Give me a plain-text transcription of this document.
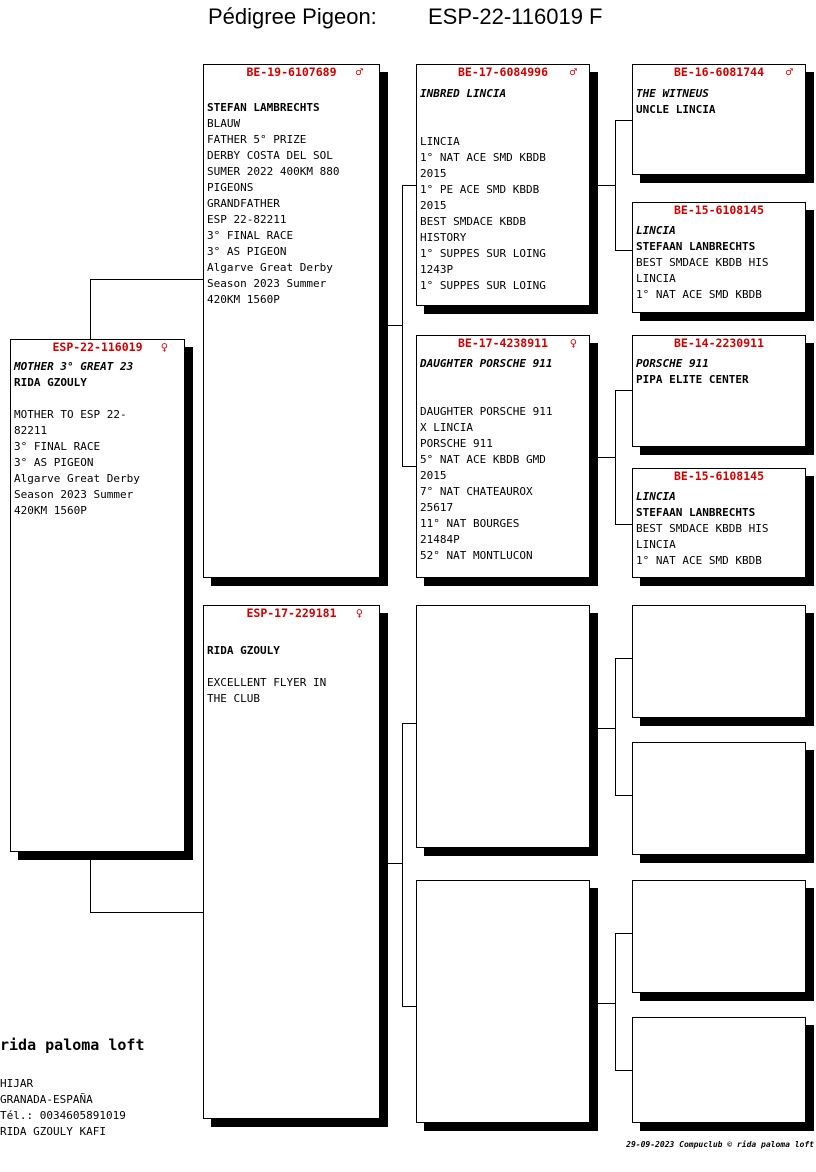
Pédigree Pigeon: ESP-22-116019 F
ESP-22-116019	♀
MOTHER 3° GREAT 23
RIDA GZOULY

MOTHER TO ESP 22-
82211
3° FINAL RACE
3° AS PIGEON
Algarve Great Derby
Season 2023 Summer
420KM 1560P
BE-19-6107689	♂
STEFAN LAMBRECHTS
BLAUW
FATHER 5° PRIZE
DERBY COSTA DEL SOL
SUMER 2022 400KM 880
PIGEONS
GRANDFATHER
ESP 22-82211
3° FINAL RACE
3° AS PIGEON
Algarve Great Derby
Season 2023 Summer
420KM 1560P
ESP-17-229181	♀
RIDA GZOULY

EXCELLENT FLYER IN
THE CLUB
BE-17-6084996	♂
INBRED LINCIA

LINCIA
1° NAT ACE SMD KBDB
2015
1° PE ACE SMD KBDB
2015
BEST SMDACE KBDB
HISTORY
1° SUPPES SUR LOING
1243P
1° SUPPES SUR LOING
BE-17-4238911	♀
DAUGHTER PORSCHE 911

DAUGHTER PORSCHE 911
X LINCIA
PORSCHE 911
5° NAT ACE KBDB GMD
2015
7° NAT CHATEAUROX
25617
11° NAT BOURGES
21484P
52° NAT MONTLUCON
BE-16-6081744	♂
THE WITNEUS
UNCLE LINCIA
BE-15-6108145
LINCIA
STEFAAN LANBRECHTS
BEST SMDACE KBDB HIS
LINCIA
1° NAT ACE SMD KBDB
BE-14-2230911
PORSCHE 911
PIPA ELITE CENTER
BE-15-6108145
LINCIA
STEFAAN LANBRECHTS
BEST SMDACE KBDB HIS
LINCIA
1° NAT ACE SMD KBDB
rida paloma loft
HIJAR
GRANADA-ESPAÑA
Tél.: 0034605891019
RIDA GZOULY KAFI
29-09-2023 Compuclub © rida paloma loft
